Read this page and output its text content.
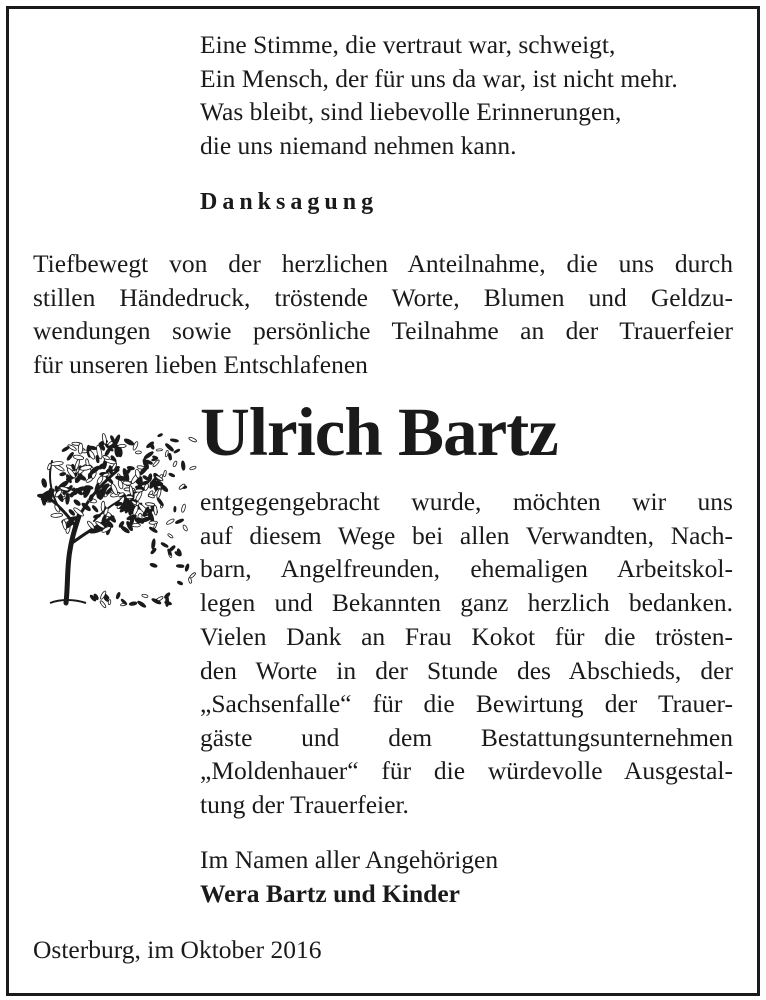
Eine Stimme, die vertraut war, schweigt,
Ein Mensch, der für uns da war, ist nicht mehr.
Was bleibt, sind liebevolle Erinnerungen,
die uns niemand nehmen kann.
Danksagung
Tiefbewegt von der herzlichen Anteilnahme, die uns durch
stillen Händedruck, tröstende Worte, Blumen und Geldzu-
wendungen sowie persönliche Teilnahme an der Trauerfeier
für unseren lieben Entschlafenen
Ulrich Bartz
entgegengebracht wurde, möchten wir uns
auf diesem Wege bei allen Verwandten, Nach-
barn, Angelfreunden, ehemaligen Arbeitskol-
legen und Bekannten ganz herzlich bedanken.
Vielen Dank an Frau Kokot für die trösten-
den Worte in der Stunde des Abschieds, der
„Sachsenfalle“ für die Bewirtung der Trauer-
gäste und dem Bestattungsunternehmen
„Moldenhauer“ für die würdevolle Ausgestal-
tung der Trauerfeier.
Im Namen aller Angehörigen
Wera Bartz und Kinder
Osterburg, im Oktober 2016
